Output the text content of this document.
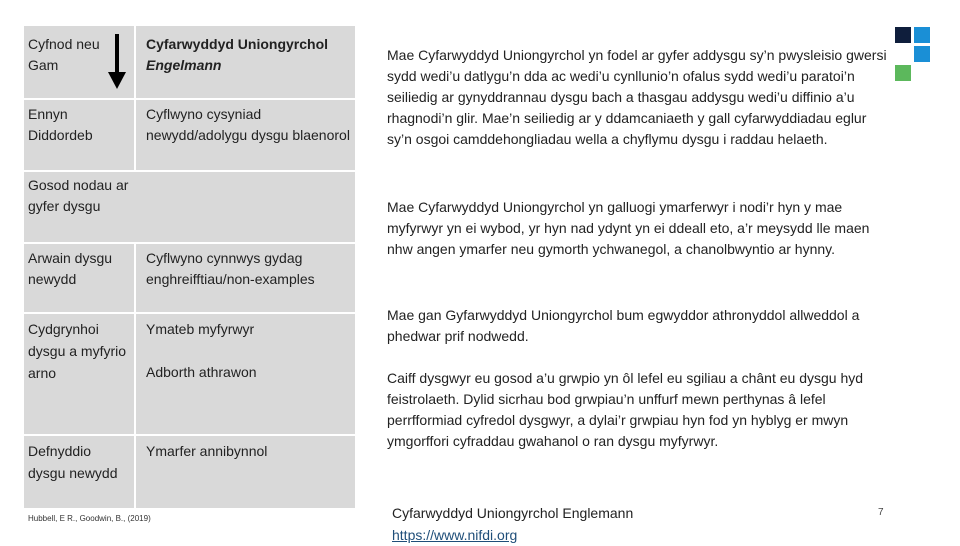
Cyfnod neu Gam
Cyfarwyddyd Uniongyrchol
Engelmann
Ennyn Diddordeb
Cyflwyno cysyniad newydd/adolygu dysgu blaenorol
Gosod nodau ar gyfer dysgu
Arwain dysgu newydd
Cyflwyno cynnwys gydag enghreifftiau/non-examples
Cydgrynhoi dysgu a myfyrio arno
Ymateb myfyrwyr
Adborth athrawon
Defnyddio dysgu newydd
Ymarfer annibynnol
Hubbell, E R., Goodwin, B., (2019)
Mae Cyfarwyddyd Uniongyrchol yn fodel ar gyfer addysgu sy’n pwysleisio gwersi sydd wedi’u datlygu’n dda ac wedi’u cynllunio’n ofalus sydd wedi’u paratoi’n seiliedig ar gynyddrannau dysgu bach a thasgau addysgu wedi’u diffinio a’u rhagnodi’n glir. Mae’n seiliedig ar y ddamcaniaeth y gall cyfarwyddiadau eglur sy’n osgoi camddehongliadau wella a chyflymu dysgu i raddau helaeth.
Mae Cyfarwyddyd Uniongyrchol yn galluogi ymarferwyr i nodi’r hyn y mae myfyrwyr yn ei wybod, yr hyn nad ydynt yn ei ddeall eto, a’r meysydd lle maen nhw angen ymarfer neu gymorth ychwanegol, a chanolbwyntio ar hynny.
Mae gan Gyfarwyddyd Uniongyrchol bum egwyddor athronyddol allweddol a phedwar prif nodwedd.
Caiff dysgwyr eu gosod a’u grwpio yn ôl lefel eu sgiliau a chânt eu dysgu hyd feistrolaeth. Dylid sicrhau bod grwpiau’n unffurf mewn perthynas â lefel perrfformiad cyfredol dysgwyr, a dylai’r grwpiau hyn fod yn hyblyg er mwyn ymgorffori cyfraddau gwahanol o ran dysgu myfyrwyr.
Cyfarwyddyd Uniongyrchol Englemann
https://www.nifdi.org
7
